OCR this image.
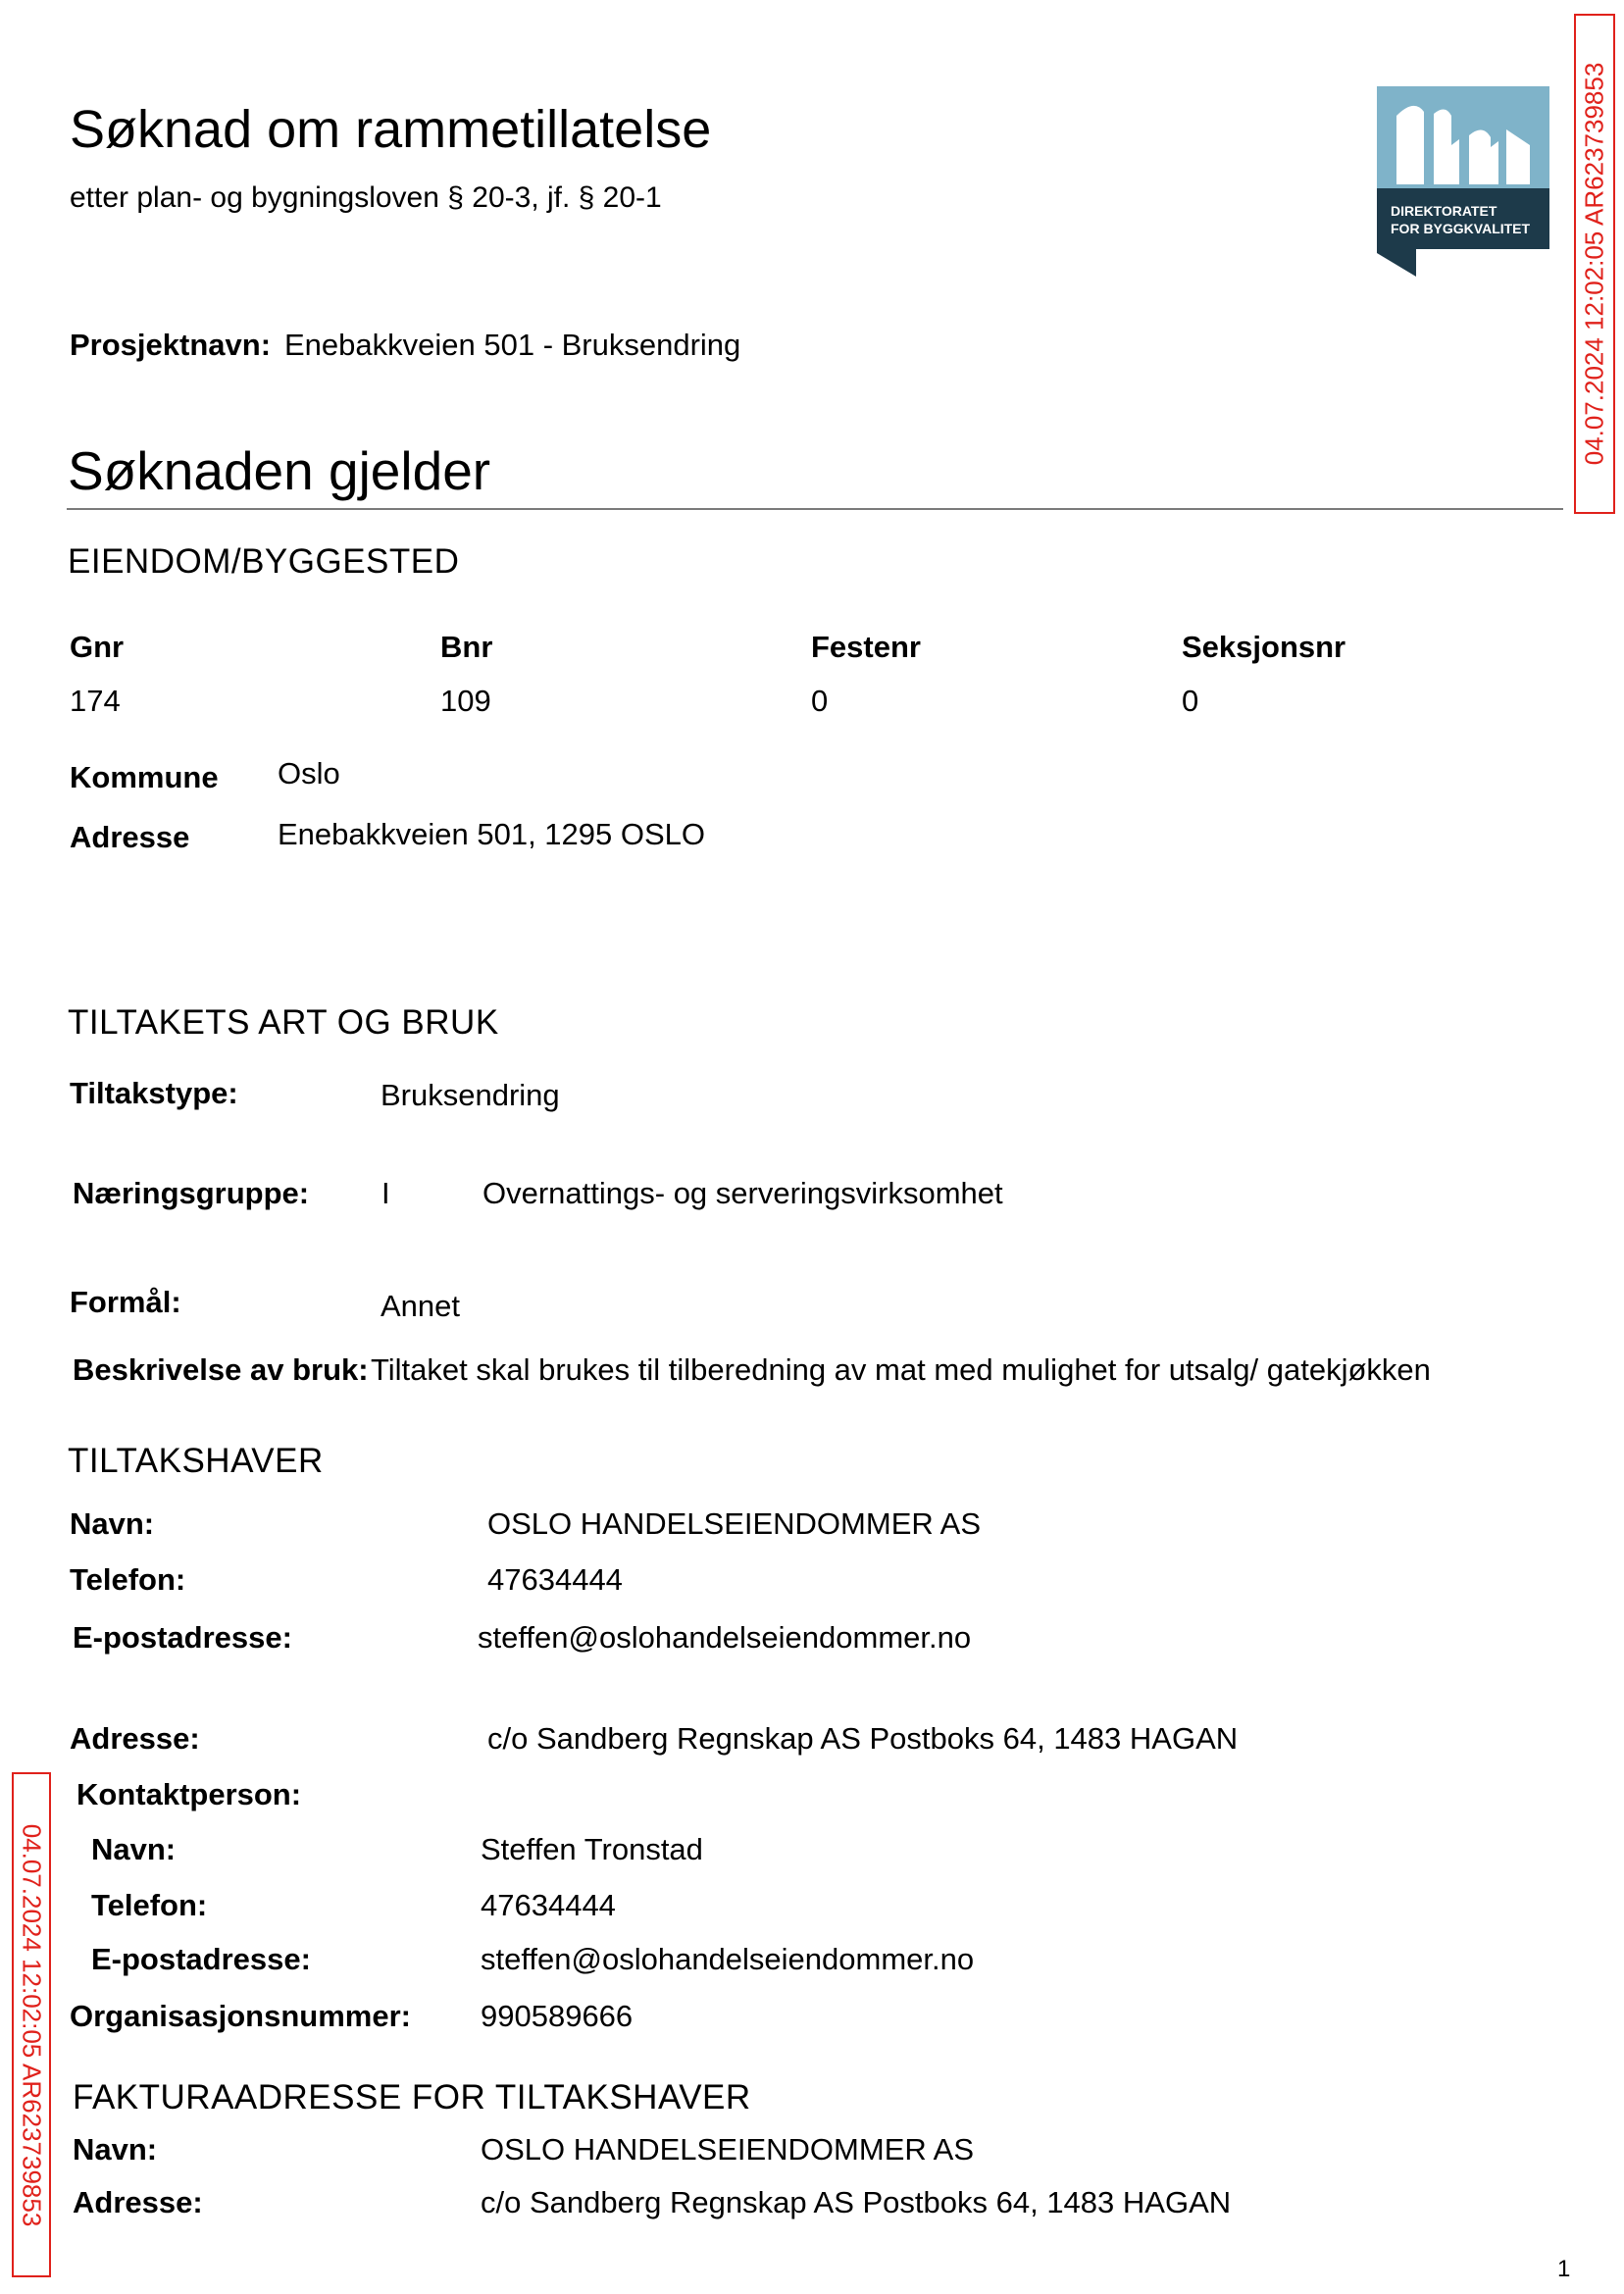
Søknad om rammetillatelse
etter plan- og bygningsloven § 20-3, jf. § 20-1	DIREKTORATET
FOR BYGGKVALITET 04.07.2024 12:02:05 AR623739853
Prosjektnavn: Enebakkveien 501 - Bruksendring
Søknaden gjelder
EIENDOM/BYGGESTED
Gnr	Bnr	Festenr	Seksjonsnr
174	109	0	0
Kommune Oslo
Adresse	Enebakkveien 501, 1295 OSLO
TILTAKETS ART OG BRUK
Tiltakstype:	Bruksendring
Næringsgruppe: I	Overnattings- og serveringsvirksomhet
Formål:	Annet
Beskrivelse av bruk: Tiltaket skal brukes til tilberedning av mat med mulighet for utsalg/ gatekjøkken
TILTAKSHAVER
Navn:	OSLO HANDELSEIENDOMMER AS
Telefon:	47634444
E-postadresse:	steffen@oslohandelseiendommer.no
Adresse:	c/o Sandberg Regnskap AS Postboks 64, 1483 HAGAN
Kontaktperson:
Navn:	Steffen Tronstad
Telefon:	47634444
E-postadresse:	steffen@oslohandelseiendommer.no
Organisasjonsnummer: 990589666
FAKTURAADRESSE FOR TILTAKSHAVER
Navn:	OSLO HANDELSEIENDOMMER AS
Adresse:	c/o Sandberg Regnskap AS Postboks 64, 1483 HAGAN
04.07.2024 12:02:05 AR623739853
1
